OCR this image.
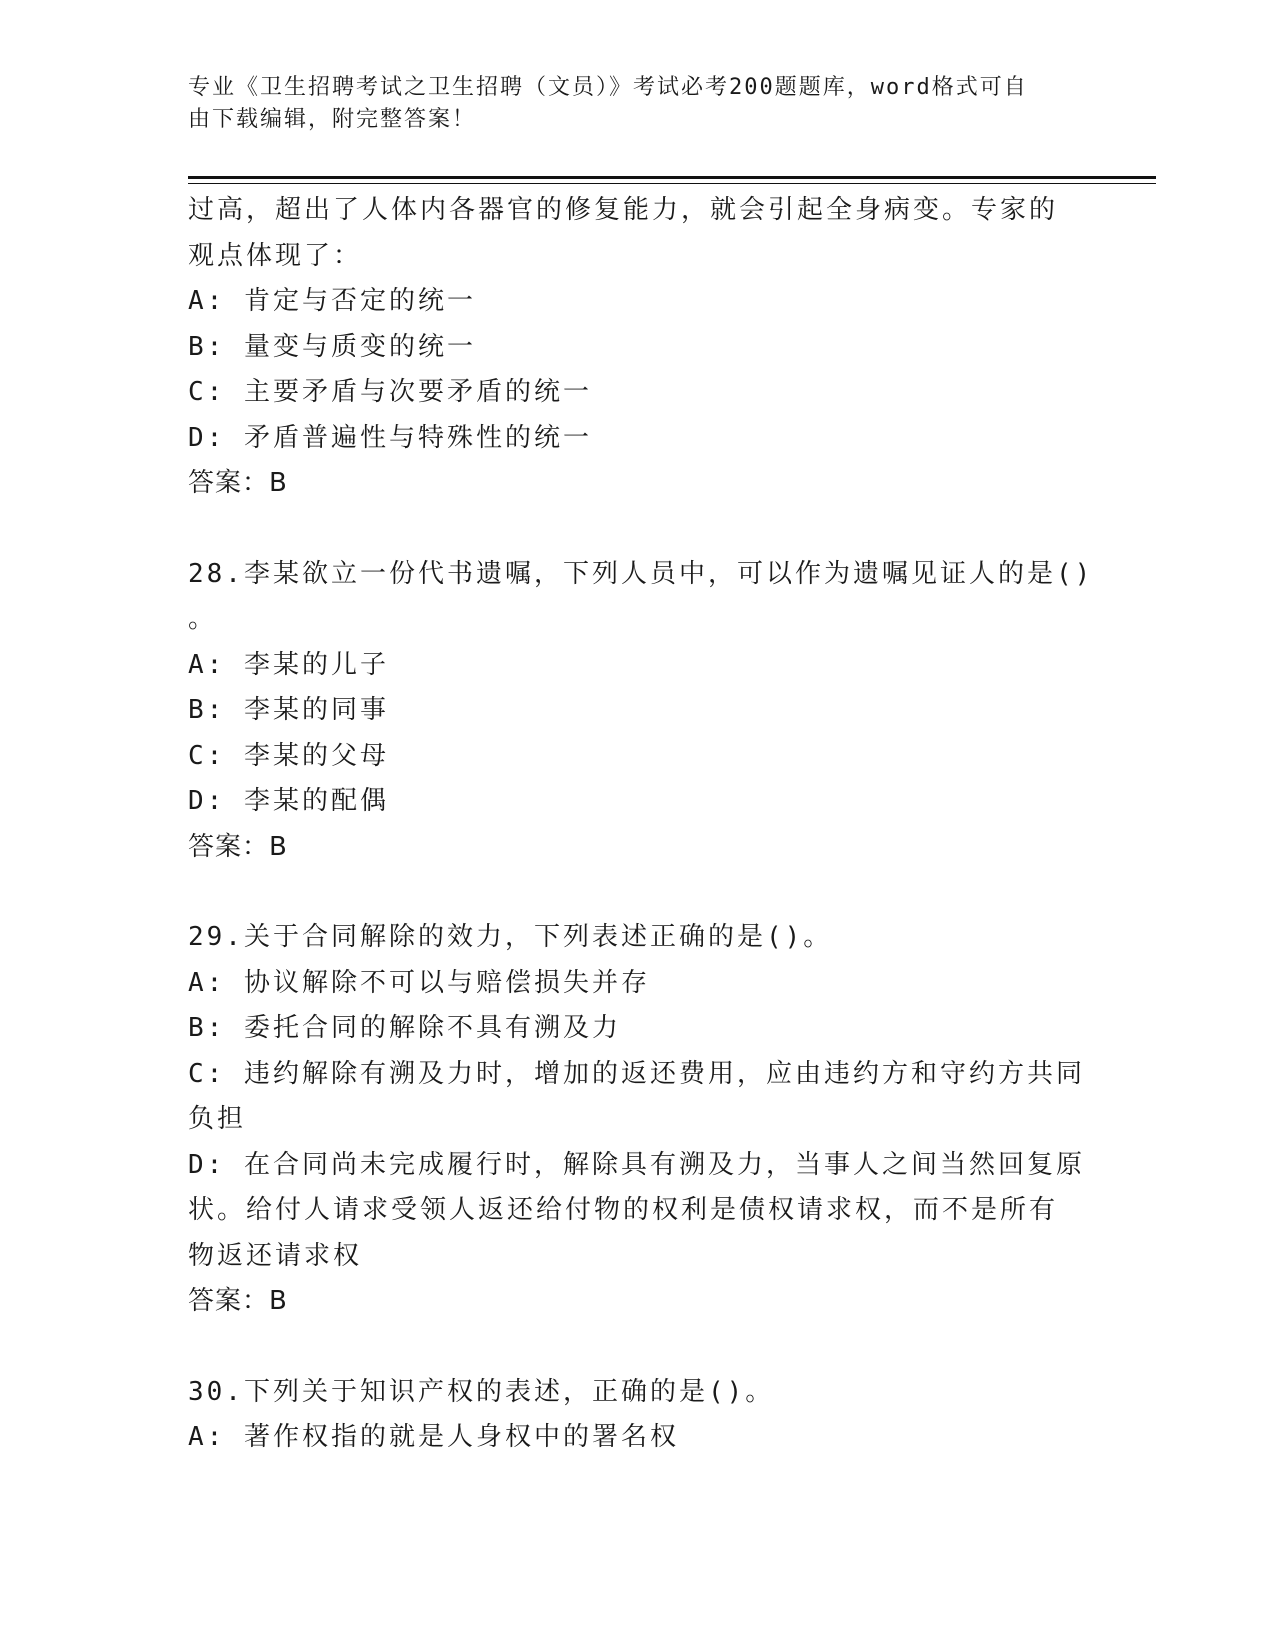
专业《卫生招聘考试之卫生招聘（文员）》考试必考200题题库，word格式可自
由下载编辑，附完整答案！
过高，超出了人体内各器官的修复能力，就会引起全身病变。专家的
观点体现了：
A: 肯定与否定的统一
B: 量变与质变的统一
C: 主要矛盾与次要矛盾的统一
D: 矛盾普遍性与特殊性的统一
答案：B
28.李某欲立一份代书遗嘱，下列人员中，可以作为遗嘱见证人的是()
。
A: 李某的儿子
B: 李某的同事
C: 李某的父母
D: 李某的配偶
答案：B
29.关于合同解除的效力，下列表述正确的是()。
A: 协议解除不可以与赔偿损失并存
B: 委托合同的解除不具有溯及力
C: 违约解除有溯及力时，增加的返还费用，应由违约方和守约方共同
负担
D: 在合同尚未完成履行时，解除具有溯及力，当事人之间当然回复原
状。给付人请求受领人返还给付物的权利是债权请求权，而不是所有
物返还请求权
答案：B
30.下列关于知识产权的表述，正确的是()。
A: 著作权指的就是人身权中的署名权
